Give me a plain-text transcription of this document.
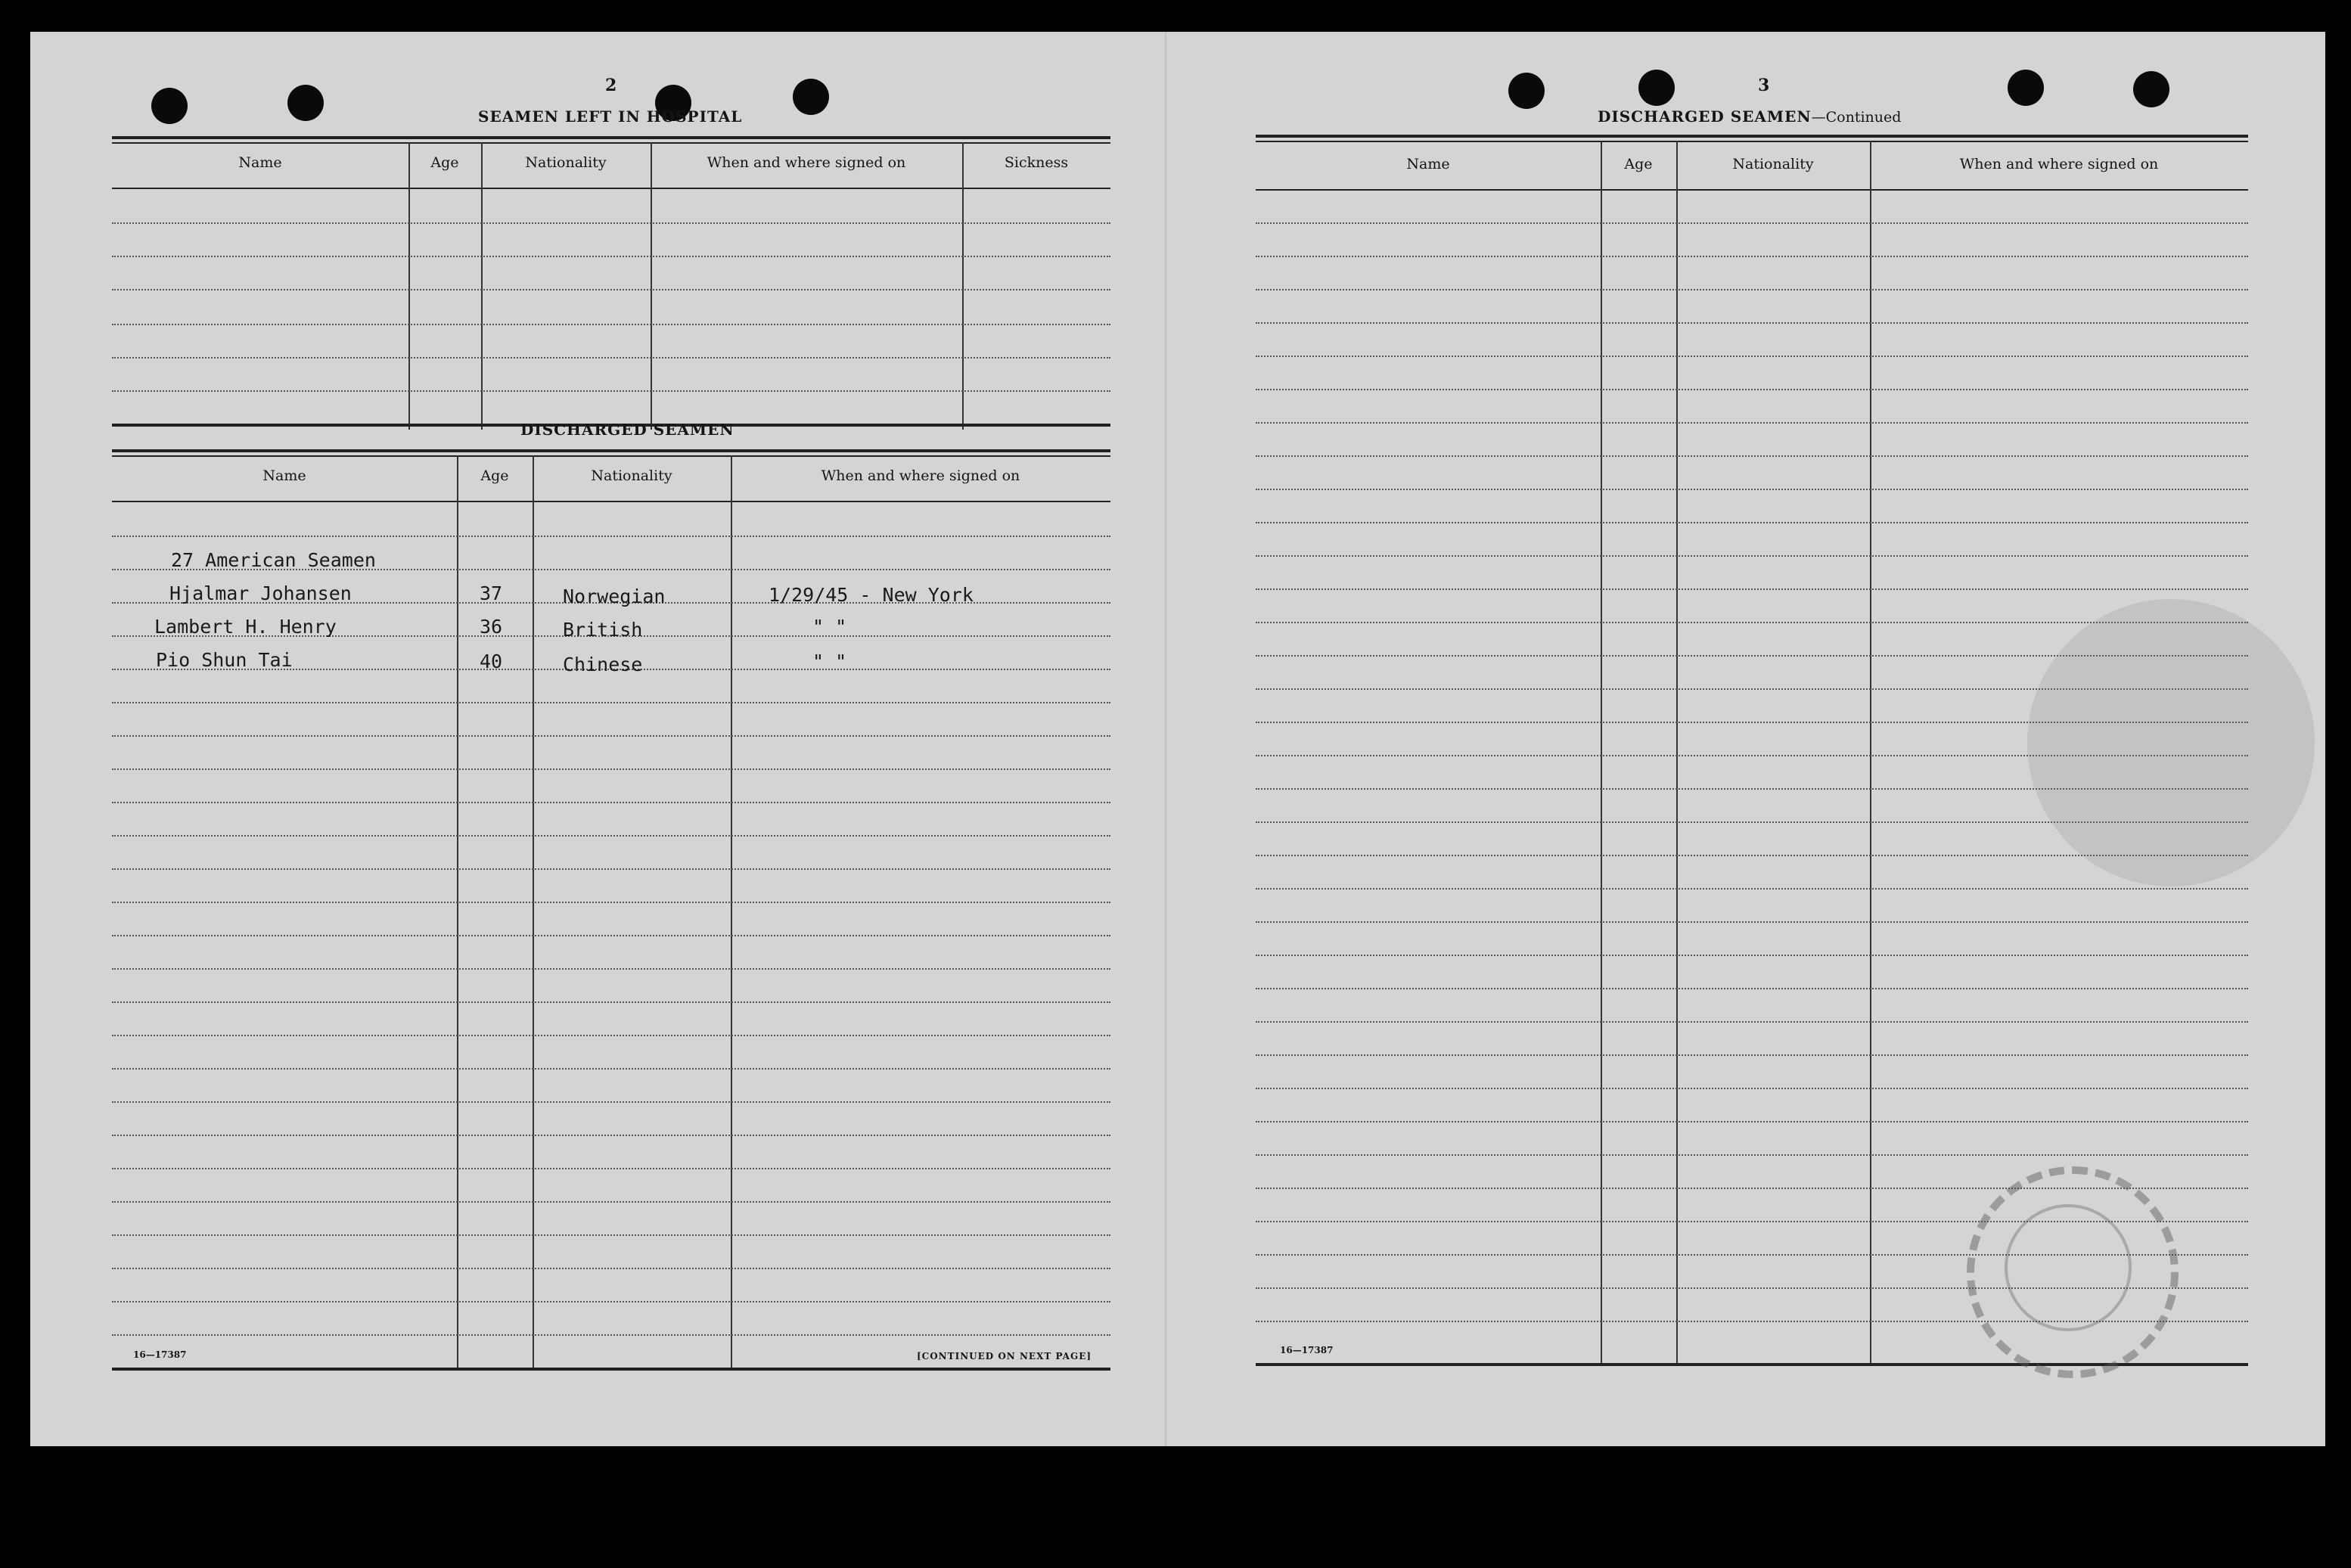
2
SEAMEN LEFT IN HOSPITAL
Name	Age	Nationality	When and where signed on	Sickness
DISCHARGED SEAMEN
Name	Age	Nationality	When and where signed on
27 American Seamen
Hjalmar Johansen	37	Norwegian	1/29/45 - New York
Lambert H. Henry	36	British	" "
Pio Shun Tai	40	Chinese	" "
16—17387	[CONTINUED ON NEXT PAGE]
3
DISCHARGED SEAMEN—Continued
Name	Age	Nationality	When and where signed on
16—17387
